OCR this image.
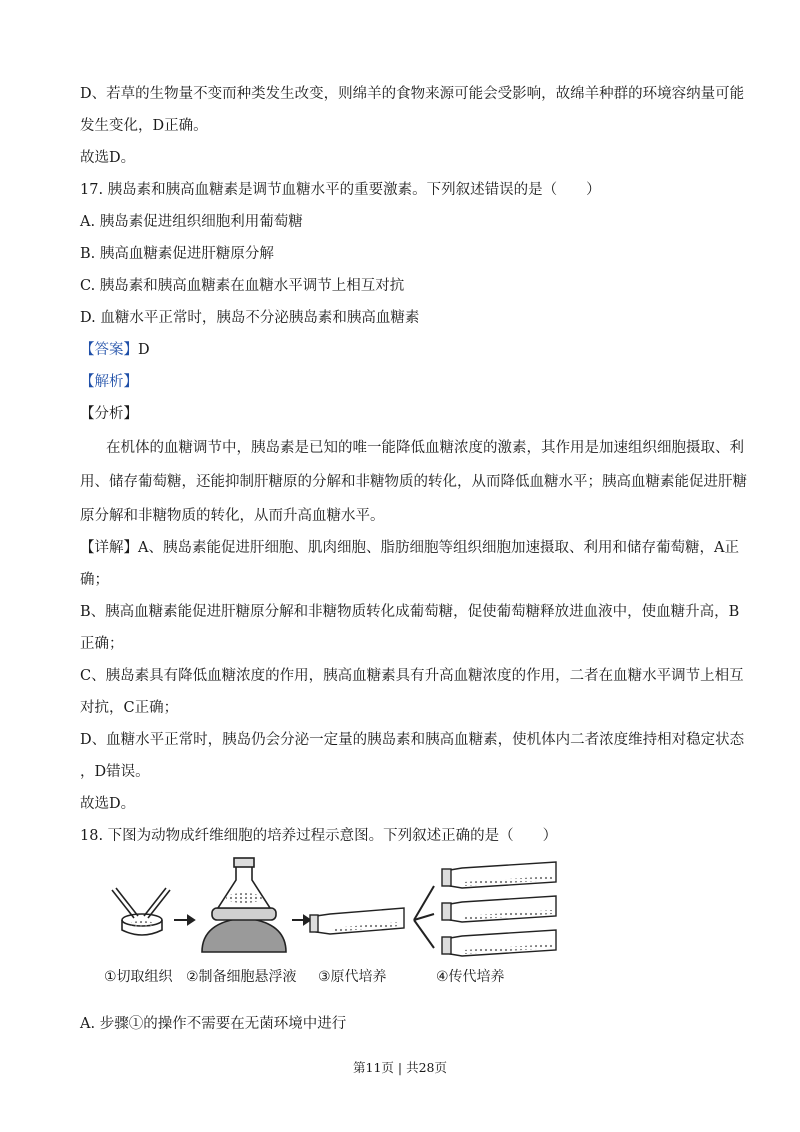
D、若草的生物量不变而种类发生改变，则绵羊的食物来源可能会受影响，故绵羊种群的环境容纳量可能
发生变化，D正确。
故选D。
17. 胰岛素和胰高血糖素是调节血糖水平的重要激素。下列叙述错误的是（　　）
A. 胰岛素促进组织细胞利用葡萄糖
B. 胰高血糖素促进肝糖原分解
C. 胰岛素和胰高血糖素在血糖水平调节上相互对抗
D. 血糖水平正常时，胰岛不分泌胰岛素和胰高血糖素
【答案】D
【解析】
【分析】
在机体的血糖调节中，胰岛素是已知的唯一能降低血糖浓度的激素，其作用是加速组织细胞摄取、利
用、储存葡萄糖，还能抑制肝糖原的分解和非糖物质的转化，从而降低血糖水平；胰高血糖素能促进肝糖
原分解和非糖物质的转化，从而升高血糖水平。
【详解】A、胰岛素能促进肝细胞、肌肉细胞、脂肪细胞等组织细胞加速摄取、利用和储存葡萄糖，A正
确；
B、胰高血糖素能促进肝糖原分解和非糖物质转化成葡萄糖，促使葡萄糖释放进血液中，使血糖升高，B
正确；
C、胰岛素具有降低血糖浓度的作用，胰高血糖素具有升高血糖浓度的作用，二者在血糖水平调节上相互
对抗，C正确；
D、血糖水平正常时，胰岛仍会分泌一定量的胰岛素和胰高血糖素，使机体内二者浓度维持相对稳定状态
，D错误。
故选D。
18. 下图为动物成纤维细胞的培养过程示意图。下列叙述正确的是（　　）
①切取组织 ②制备细胞悬浮液 ③原代培养	④传代培养
A. 步骤①的操作不需要在无菌环境中进行
第11页 | 共28页
